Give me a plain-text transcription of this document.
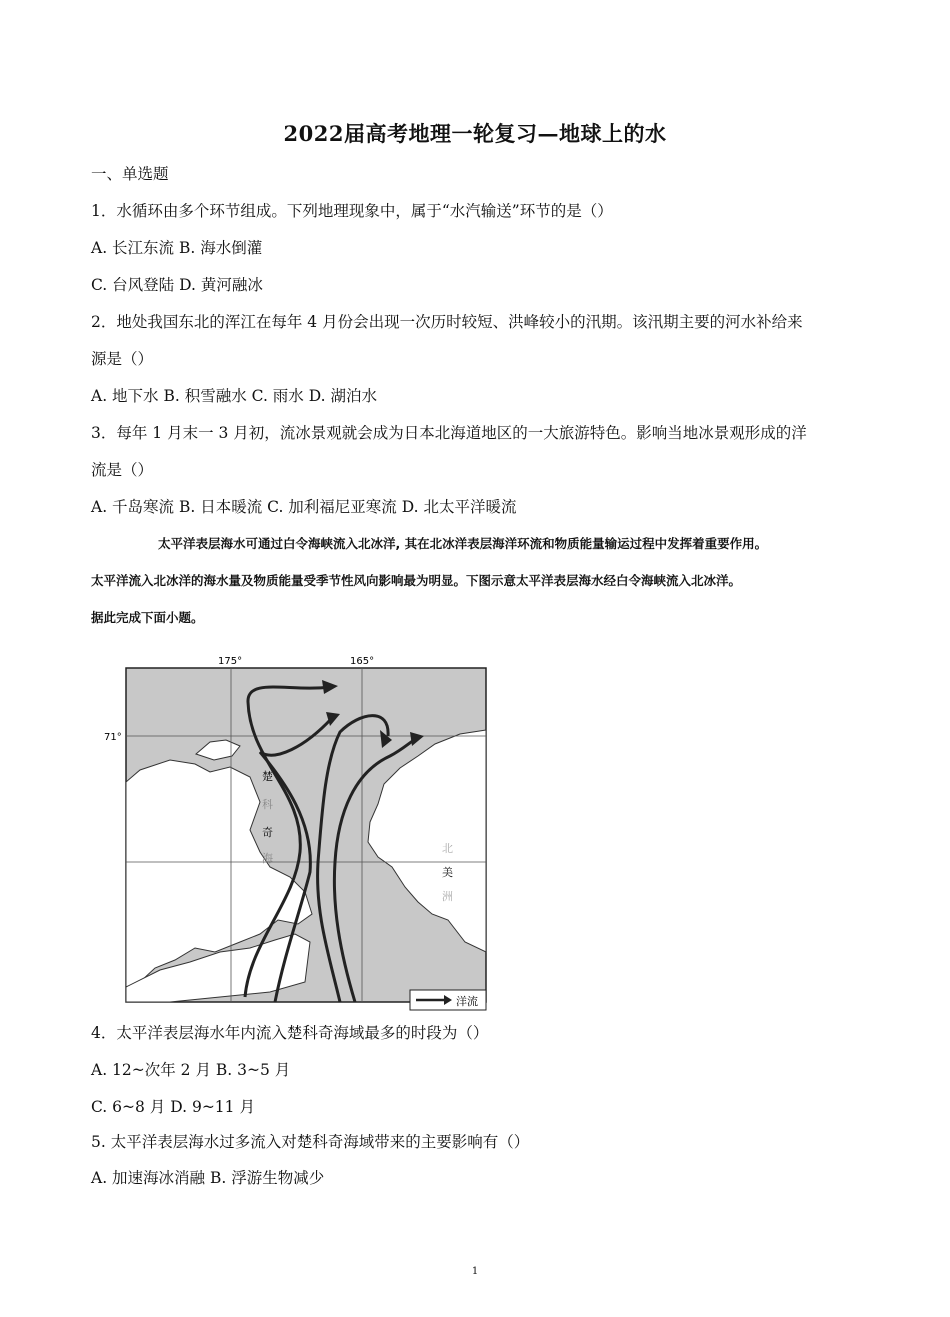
2022届高考地理一轮复习—地球上的水
一、单选题
1．水循环由多个环节组成。下列地理现象中，属于“水汽输送”环节的是（）
A. 长江东流 B. 海水倒灌
C. 台风登陆 D. 黄河融冰
2．地处我国东北的浑江在每年 4 月份会出现一次历时较短、洪峰较小的汛期。该汛期主要的河水补给来
源是（）
A. 地下水 B. 积雪融水 C. 雨水 D. 湖泊水
3．每年 1 月末一 3 月初，流冰景观就会成为日本北海道地区的一大旅游特色。影响当地冰景观形成的洋
流是（）
A. 千岛寒流 B. 日本暖流 C. 加利福尼亚寒流 D. 北太平洋暖流
太平洋表层海水可通过白令海峡流入北冰洋, 其在北冰洋表层海洋环流和物质能量输运过程中发挥着重要作用。
太平洋流入北冰洋的海水量及物质能量受季节性风向影响最为明显。下图示意太平洋表层海水经白令海峡流入北冰洋。
据此完成下面小题。
175°	165°
71°
楚
科
奇
海
北
美
洲
洋流
4．太平洋表层海水年内流入楚科奇海域最多的时段为（）
A. 12~次年 2 月 B. 3~5 月
C. 6~8 月 D. 9~11 月
5. 太平洋表层海水过多流入对楚科奇海域带来的主要影响有（）
A. 加速海冰消融 B. 浮游生物减少
1
